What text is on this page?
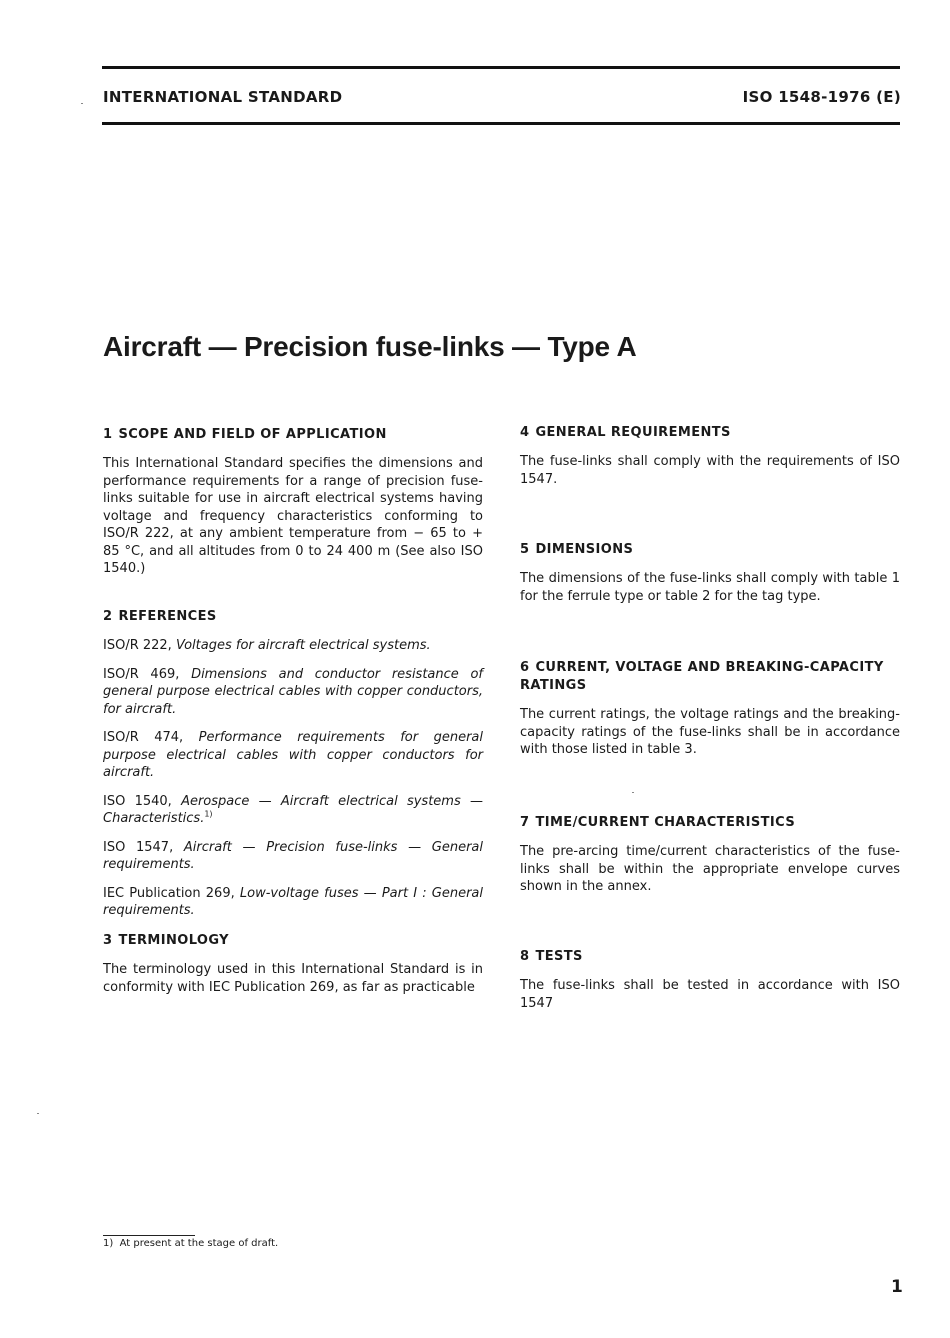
INTERNATIONAL STANDARD	ISO 1548-1976 (E)
Aircraft — Precision fuse-links — Type A
1 SCOPE AND FIELD OF APPLICATION

This International Standard specifies the dimensions and performance requirements for a range of precision fuse-links suitable for use in aircraft electrical systems having voltage and frequency characteristics conforming to ISO/R 222, at any ambient temperature from − 65 to + 85 °C, and all altitudes from 0 to 24 400 m (See also ISO 1540.)

2 REFERENCES

ISO/R 222, Voltages for aircraft electrical systems.

ISO/R 469, Dimensions and conductor resistance of general purpose electrical cables with copper conductors, for aircraft.

ISO/R 474, Performance requirements for general purpose electrical cables with copper conductors for aircraft.

ISO 1540, Aerospace — Aircraft electrical systems — Characteristics.$^{1)}$

ISO 1547, Aircraft — Precision fuse-links — General requirements.

IEC Publication 269, Low-voltage fuses — Part I : General requirements.

3 TERMINOLOGY

The terminology used in this International Standard is in conformity with IEC Publication 269, as far as practicable

4 GENERAL REQUIREMENTS

The fuse-links shall comply with the requirements of ISO 1547.

5 DIMENSIONS

The dimensions of the fuse-links shall comply with table 1 for the ferrule type or table 2 for the tag type.

6 CURRENT, VOLTAGE AND BREAKING-CAPACITY RATINGS

The current ratings, the voltage ratings and the breaking-capacity ratings of the fuse-links shall be in accordance with those listed in table 3.

7 TIME/CURRENT CHARACTERISTICS

The pre-arcing time/current characteristics of the fuse-links shall be within the appropriate envelope curves shown in the annex.

8 TESTS

The fuse-links shall be tested in accordance with ISO 1547

1) At present at the stage of draft.
1
